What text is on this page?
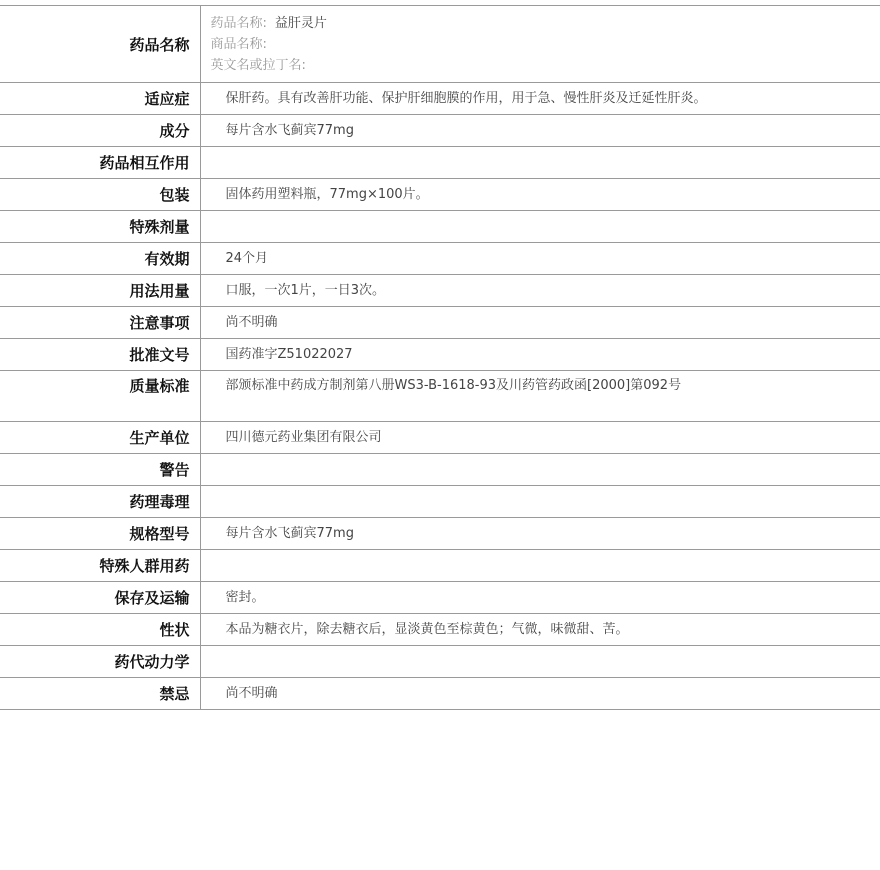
药品名称	药品名称: 益肝灵片
商品名称:
英文名或拉丁名:

适应症	保肝药。具有改善肝功能、保护肝细胞膜的作用，用于急、慢性肝炎及迁延性肝炎。
成分	每片含水飞蓟宾77mg
药品相互作用	
包装	固体药用塑料瓶，77mg×100片。
特殊剂量	
有效期	24个月
用法用量	口服，一次1片，一日3次。
注意事项	尚不明确
批准文号	国药准字Z51022027
质量标准	部颁标准中药成方制剂第八册WS3-B-1618-93及川药管药政函[2000]第092号
生产单位	四川德元药业集团有限公司
警告	
药理毒理	
规格型号	每片含水飞蓟宾77mg
特殊人群用药	
保存及运输	密封。
性状	本品为糖衣片，除去糖衣后，显淡黄色至棕黄色；气微，味微甜、苦。
药代动力学	
禁忌	尚不明确
